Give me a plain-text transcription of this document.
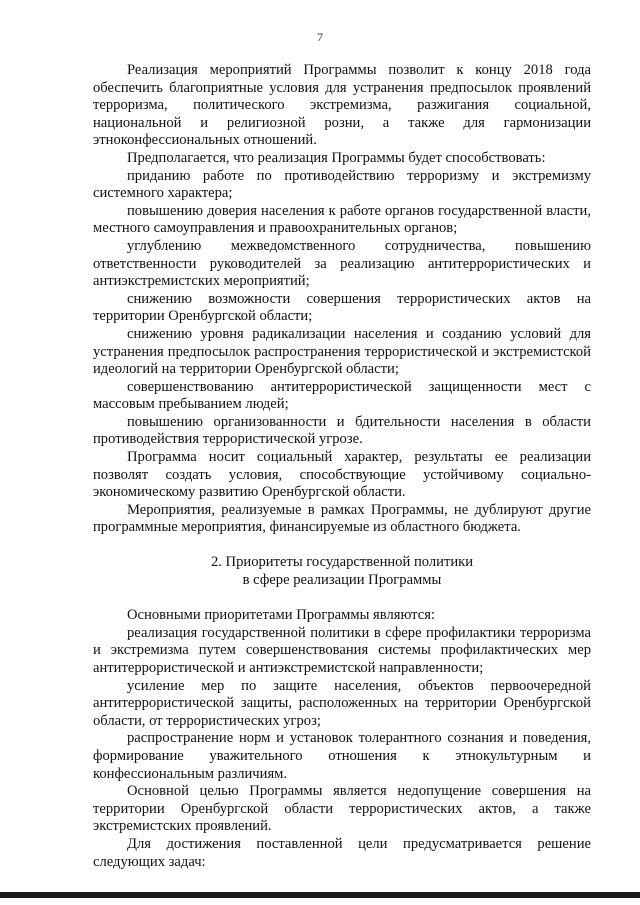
7

Реализация мероприятий Программы позволит к концу 2018 года обеспечить благоприятные условия для устранения предпосылок проявлений терроризма, политического экстремизма, разжигания социальной, национальной и религиозной розни, а также для гармонизации этноконфессиональных отношений.

Предполагается, что реализация Программы будет способствовать:

приданию работе по противодействию терроризму и экстремизму системного характера;

повышению доверия населения к работе органов государственной власти, местного самоуправления и правоохранительных органов;

углублению межведомственного сотрудничества, повышению ответственности руководителей за реализацию антитеррористических и антиэкстремистских мероприятий;

снижению возможности совершения террористических актов на территории Оренбургской области;

снижению уровня радикализации населения и созданию условий для устранения предпосылок распространения террористической и экстремистской идеологий на территории Оренбургской области;

совершенствованию антитеррористической защищенности мест с массовым пребыванием людей;

повышению организованности и бдительности населения в области противодействия террористической угрозе.

Программа носит социальный характер, результаты ее реализации позволят создать условия, способствующие устойчивому социально-экономическому развитию Оренбургской области.

Мероприятия, реализуемые в рамках Программы, не дублируют другие программные мероприятия, финансируемые из областного бюджета.

2. Приоритеты государственной политики
в сфере реализации Программы

Основными приоритетами Программы являются:

реализация государственной политики в сфере профилактики терроризма и экстремизма путем совершенствования системы профилактических мер антитеррористической и антиэкстремистской направленности;

усиление мер по защите населения, объектов первоочередной антитеррористической защиты, расположенных на территории Оренбургской области, от террористических угроз;

распространение норм и установок толерантного сознания и поведения, формирование уважительного отношения к этнокультурным и конфессиональным различиям.

Основной целью Программы является недопущение совершения на территории Оренбургской области террористических актов, а также экстремистских проявлений.

Для достижения поставленной цели предусматривается решение следующих задач:
